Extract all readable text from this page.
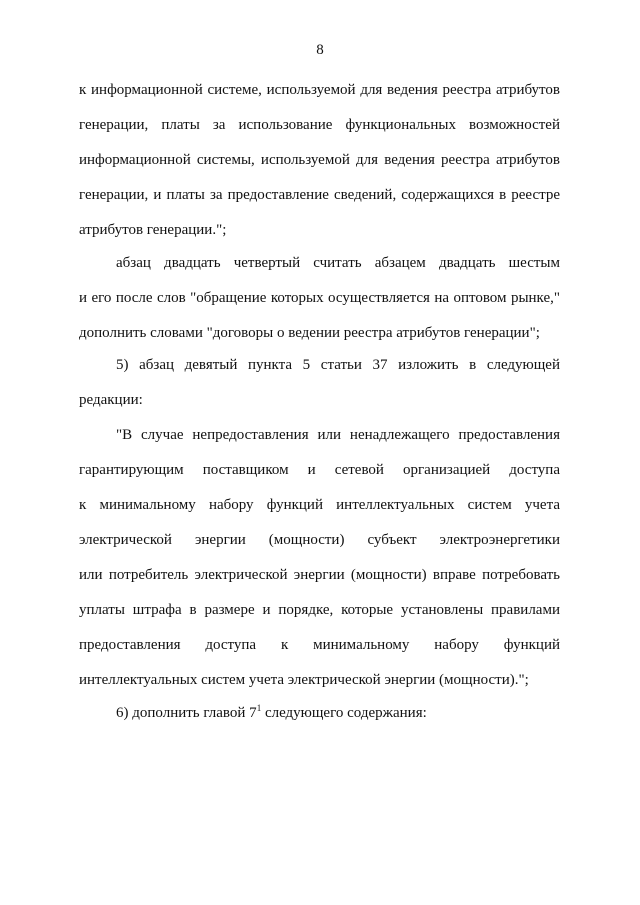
8
к информационной системе, используемой для ведения реестра атрибутов
генерации, платы за использование функциональных возможностей
информационной системы, используемой для ведения реестра атрибутов
генерации, и платы за предоставление сведений, содержащихся в реестре
атрибутов генерации.";
абзац двадцать четвертый считать абзацем двадцать шестым
и его после слов "обращение которых осуществляется на оптовом рынке,"
дополнить словами "договоры о ведении реестра атрибутов генерации";
5) абзац девятый пункта 5 статьи 37 изложить в следующей
редакции:
"В случае непредоставления или ненадлежащего предоставления
гарантирующим поставщиком и сетевой организацией доступа
к минимальному набору функций интеллектуальных систем учета
электрической энергии (мощности) субъект электроэнергетики
или потребитель электрической энергии (мощности) вправе потребовать
уплаты штрафа в размере и порядке, которые установлены правилами
предоставления доступа к минимальному набору функций
интеллектуальных систем учета электрической энергии (мощности).";
6) дополнить главой $7^1$ следующего содержания:
